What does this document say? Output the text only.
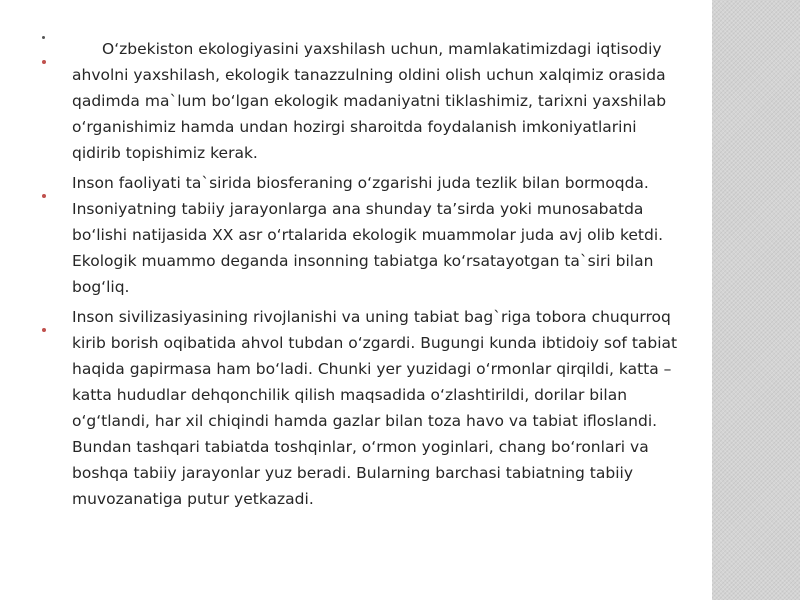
O‘zbekiston ekologiyasini yaxshilash uchun, mamlakatimizdagi iqtisodiy ahvolni yaxshilash, ekologik tanazzulning oldini olish uchun xalqimiz orasida qadimda ma`lum bo‘lgan ekologik madaniyatni tiklashimiz, tarixni yaxshilab o‘rganishimiz hamda undan hozirgi sharoitda foydalanish imkoniyatlarini qidirib topishimiz kerak.

Inson faoliyati ta`sirida biosferaning o‘zgarishi juda tezlik bilan bormoqda. Insoniyatning tabiiy jarayonlarga ana shunday ta’sirda yoki munosabatda bo‘lishi natijasida XX asr o‘rtalarida ekologik muammolar juda avj olib ketdi. Ekologik muammo deganda insonning tabiatga ko‘rsatayotgan ta`siri bilan bog‘liq.

Inson sivilizasiyasining rivojlanishi va uning tabiat bag`riga tobora chuqurroq kirib borish oqibatida ahvol tubdan o‘zgardi. Bugungi kunda ibtidoiy sof tabiat haqida gapirmasa ham bo‘ladi. Chunki yer yuzidagi o‘rmonlar qirqildi, katta – katta hududlar dehqonchilik qilish maqsadida o‘zlashtirildi, dorilar bilan o‘g‘tlandi, har xil chiqindi hamda gazlar bilan toza havo va tabiat ifloslandi. Bundan tashqari tabiatda toshqinlar, o‘rmon yoginlari, chang bo‘ronlari va boshqa tabiiy jarayonlar yuz beradi. Bularning barchasi tabiatning tabiiy muvozanatiga putur yetkazadi.
